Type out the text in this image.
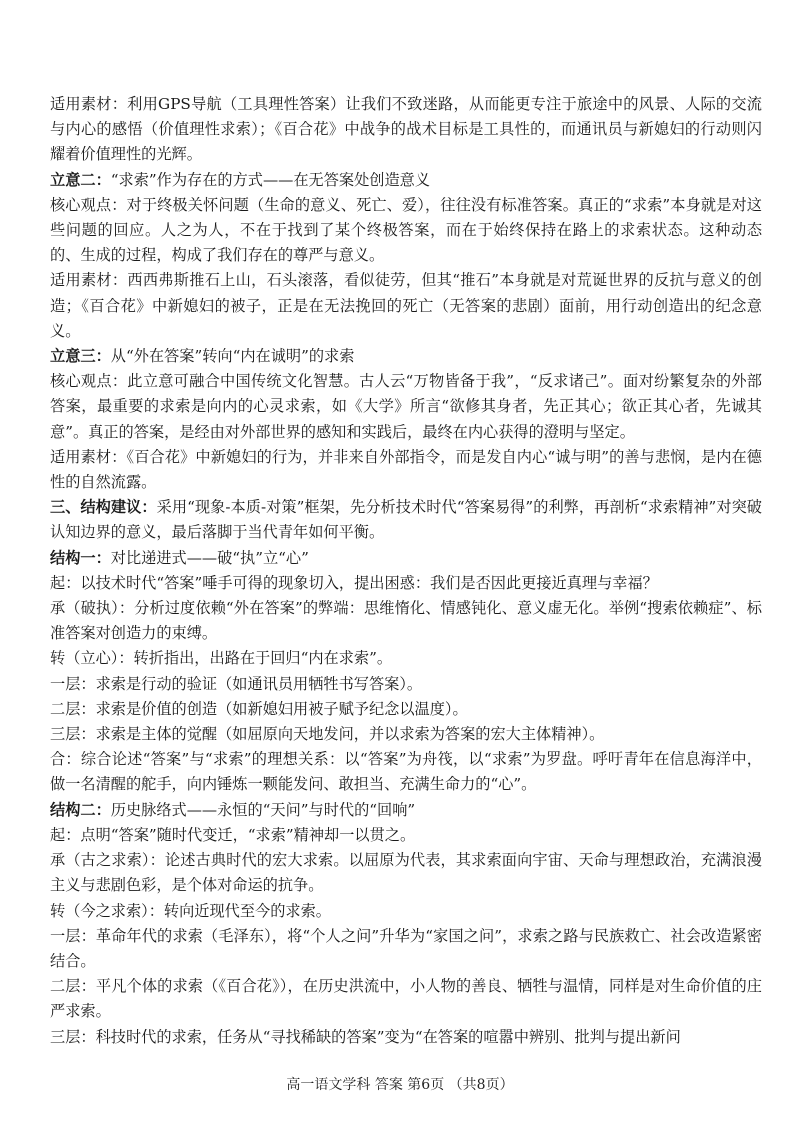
适用素材：利用GPS导航（工具理性答案）让我们不致迷路，从而能更专注于旅途中的风景、人际的交流与内心的感悟（价值理性求索）；《百合花》中战争的战术目标是工具性的，而通讯员与新媳妇的行动则闪耀着价值理性的光辉。
立意二：“求索”作为存在的方式——在无答案处创造意义
核心观点：对于终极关怀问题（生命的意义、死亡、爱），往往没有标准答案。真正的“求索”本身就是对这些问题的回应。人之为人，不在于找到了某个终极答案，而在于始终保持在路上的求索状态。这种动态的、生成的过程，构成了我们存在的尊严与意义。
适用素材：西西弗斯推石上山，石头滚落，看似徒劳，但其“推石”本身就是对荒诞世界的反抗与意义的创造；《百合花》中新媳妇的被子，正是在无法挽回的死亡（无答案的悲剧）面前，用行动创造出的纪念意义。
立意三：从“外在答案”转向“内在诚明”的求索
核心观点：此立意可融合中国传统文化智慧。古人云“万物皆备于我”，“反求诸己”。面对纷繁复杂的外部答案，最重要的求索是向内的心灵求索，如《大学》所言“欲修其身者，先正其心；欲正其心者，先诚其意”。真正的答案，是经由对外部世界的感知和实践后，最终在内心获得的澄明与坚定。
适用素材：《百合花》中新媳妇的行为，并非来自外部指令，而是发自内心“诚与明”的善与悲悯，是内在德性的自然流露。
三、结构建议：采用“现象-本质-对策”框架，先分析技术时代“答案易得”的利弊，再剖析“求索精神”对突破认知边界的意义，最后落脚于当代青年如何平衡。
结构一：对比递进式——破“执”立“心”
起：以技术时代“答案”唾手可得的现象切入，提出困惑：我们是否因此更接近真理与幸福？
承（破执）：分析过度依赖“外在答案”的弊端：思维惰化、情感钝化、意义虚无化。举例“搜索依赖症”、标准答案对创造力的束缚。
转（立心）：转折指出，出路在于回归“内在求索”。
一层：求索是行动的验证（如通讯员用牺牲书写答案）。
二层：求索是价值的创造（如新媳妇用被子赋予纪念以温度）。
三层：求索是主体的觉醒（如屈原向天地发问，并以求索为答案的宏大主体精神）。
合：综合论述“答案”与“求索”的理想关系：以“答案”为舟筏，以“求索”为罗盘。呼吁青年在信息海洋中，做一名清醒的舵手，向内锤炼一颗能发问、敢担当、充满生命力的“心”。
结构二：历史脉络式——永恒的“天问”与时代的“回响”
起：点明“答案”随时代变迁，“求索”精神却一以贯之。
承（古之求索）：论述古典时代的宏大求索。以屈原为代表，其求索面向宇宙、天命与理想政治，充满浪漫主义与悲剧色彩，是个体对命运的抗争。
转（今之求索）：转向近现代至今的求索。
一层：革命年代的求索（毛泽东），将“个人之问”升华为“家国之问”，求索之路与民族救亡、社会改造紧密结合。
二层：平凡个体的求索（《百合花》），在历史洪流中，小人物的善良、牺牲与温情，同样是对生命价值的庄严求索。
三层：科技时代的求索，任务从“寻找稀缺的答案”变为“在答案的喧嚣中辨别、批判与提出新问
高一语文学科 答案 第6页 （共8页）
